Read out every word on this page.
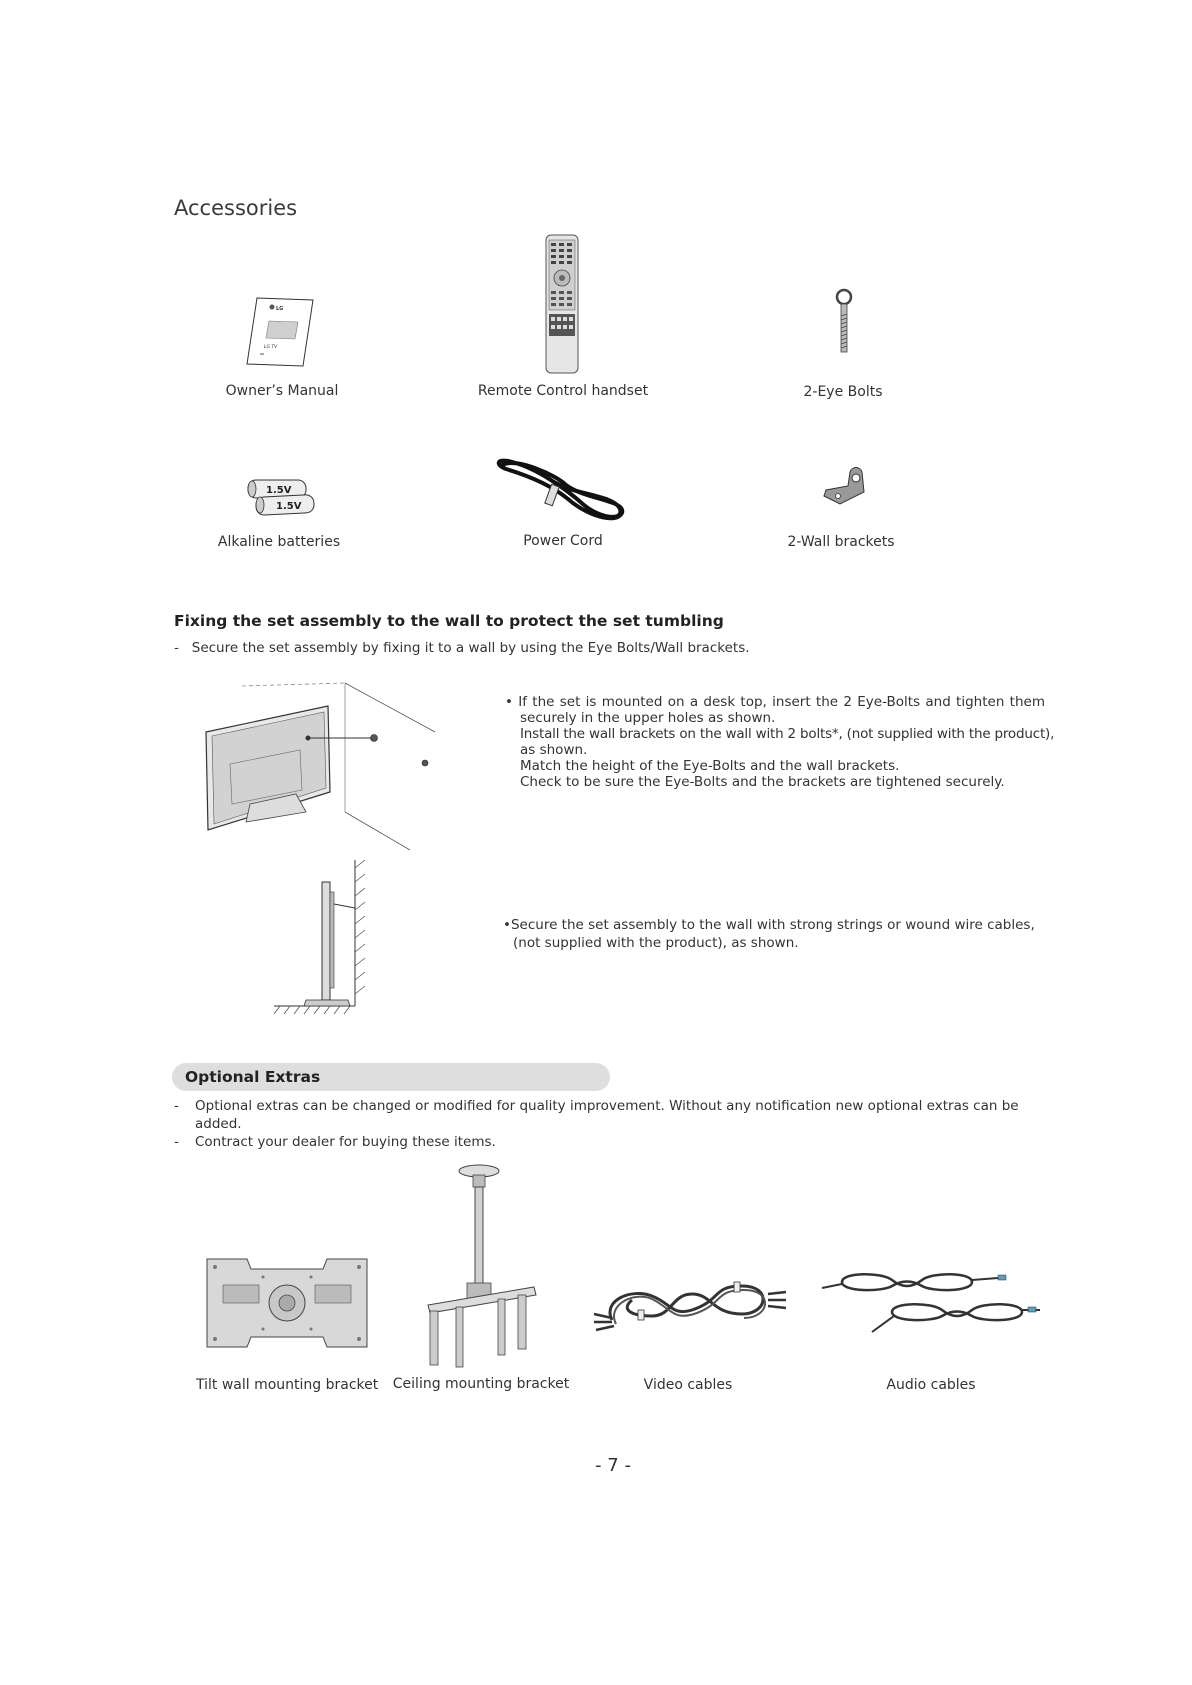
Accessories
LG
LG TV
Owner’s Manual	Remote Control handset	2-Eye Bolts
1.5V
1.5V
Alkaline batteries	Power Cord	2-Wall brackets
Fixing the set assembly to the wall to protect the set tumbling
-   Secure the set assembly by fixing it to a wall by using the Eye Bolts/Wall brackets.
• If the set is mounted on a desk top, insert the 2 Eye-Bolts and tighten them
securely in the upper holes as shown.
Install the wall brackets on the wall with 2 bolts*, (not supplied with the product),
as shown.
Match the height of the Eye-Bolts and the wall brackets.
Check to be sure the Eye-Bolts and the brackets are tightened securely.
•Secure the set assembly to the wall with strong strings or wound wire cables,
(not supplied with the product), as shown.
Optional Extras
-	Optional extras can be changed or modified for quality improvement. Without any notification new optional extras can be
added.
-	Contract your dealer for buying these items.
Tilt wall mounting bracket Ceiling mounting bracket	Video cables	Audio cables
- 7 -
